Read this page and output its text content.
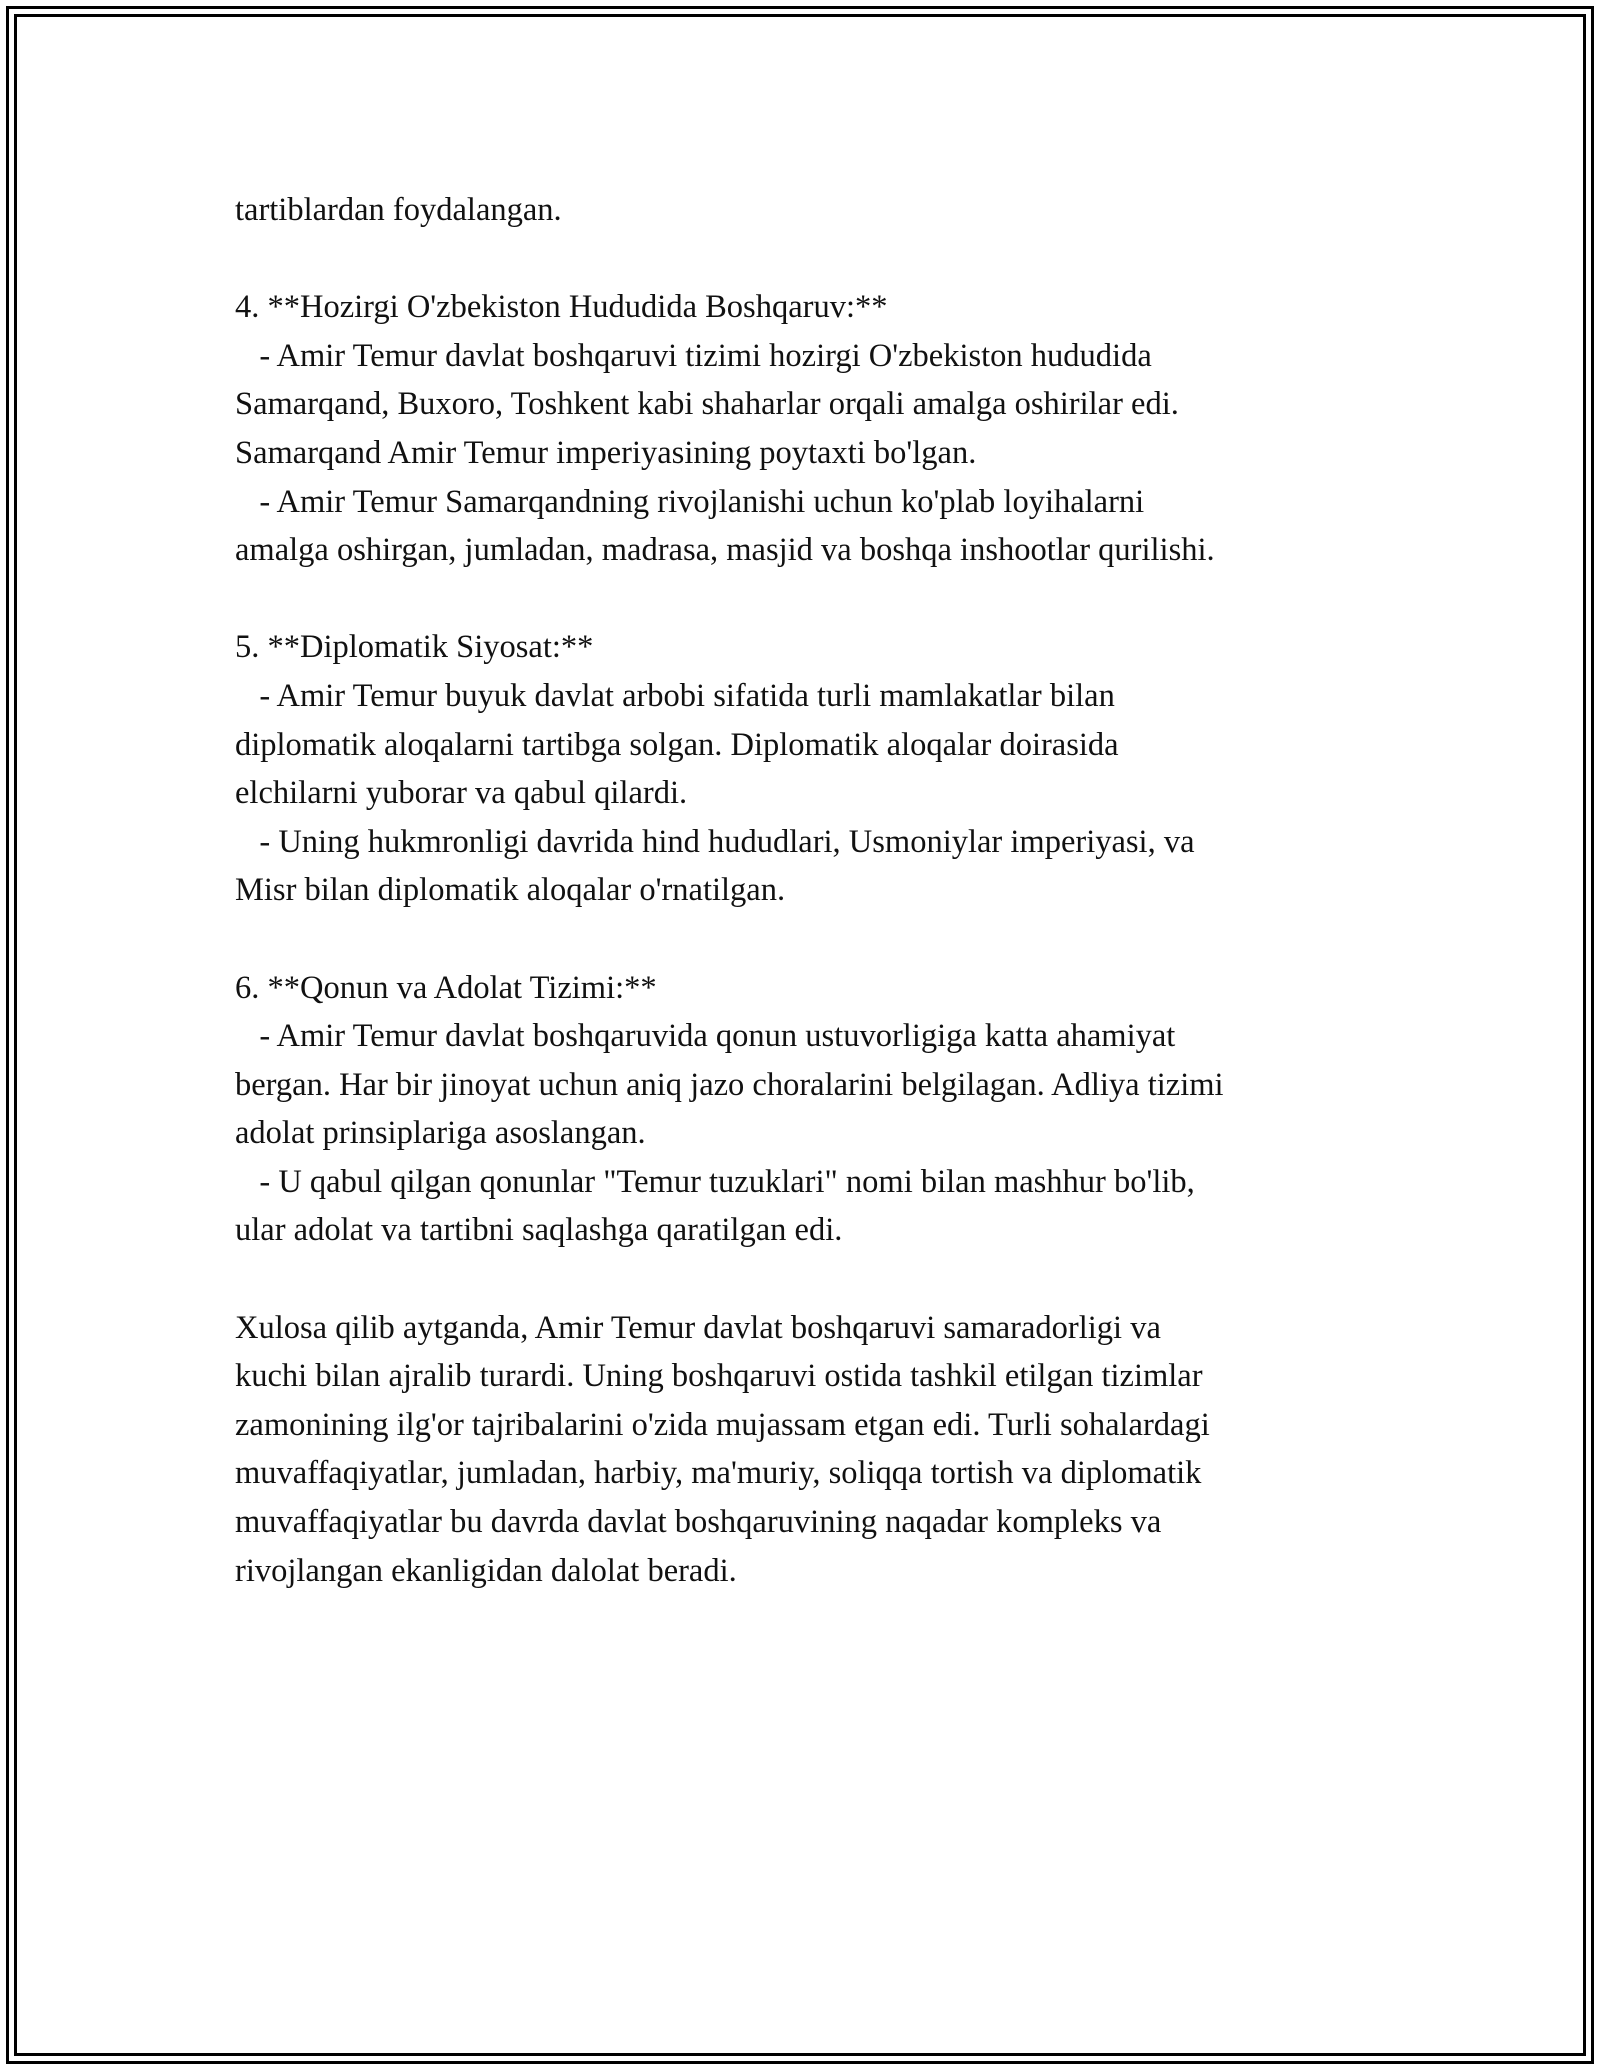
tartiblardan foydalangan.
4. **Hozirgi O'zbekiston Hududida Boshqaruv:**
- Amir Temur davlat boshqaruvi tizimi hozirgi O'zbekiston hududida
Samarqand, Buxoro, Toshkent kabi shaharlar orqali amalga oshirilar edi.
Samarqand Amir Temur imperiyasining poytaxti bo'lgan.
- Amir Temur Samarqandning rivojlanishi uchun ko'plab loyihalarni
amalga oshirgan, jumladan, madrasa, masjid va boshqa inshootlar qurilishi.
5. **Diplomatik Siyosat:**
- Amir Temur buyuk davlat arbobi sifatida turli mamlakatlar bilan
diplomatik aloqalarni tartibga solgan. Diplomatik aloqalar doirasida
elchilarni yuborar va qabul qilardi.
- Uning hukmronligi davrida hind hududlari, Usmoniylar imperiyasi, va
Misr bilan diplomatik aloqalar o'rnatilgan.
6. **Qonun va Adolat Tizimi:**
- Amir Temur davlat boshqaruvida qonun ustuvorligiga katta ahamiyat
bergan. Har bir jinoyat uchun aniq jazo choralarini belgilagan. Adliya tizimi
adolat prinsiplariga asoslangan.
- U qabul qilgan qonunlar "Temur tuzuklari" nomi bilan mashhur bo'lib,
ular adolat va tartibni saqlashga qaratilgan edi.
Xulosa qilib aytganda, Amir Temur davlat boshqaruvi samaradorligi va
kuchi bilan ajralib turardi. Uning boshqaruvi ostida tashkil etilgan tizimlar
zamonining ilg'or tajribalarini o'zida mujassam etgan edi. Turli sohalardagi
muvaffaqiyatlar, jumladan, harbiy, ma'muriy, soliqqa tortish va diplomatik
muvaffaqiyatlar bu davrda davlat boshqaruvining naqadar kompleks va
rivojlangan ekanligidan dalolat beradi.
